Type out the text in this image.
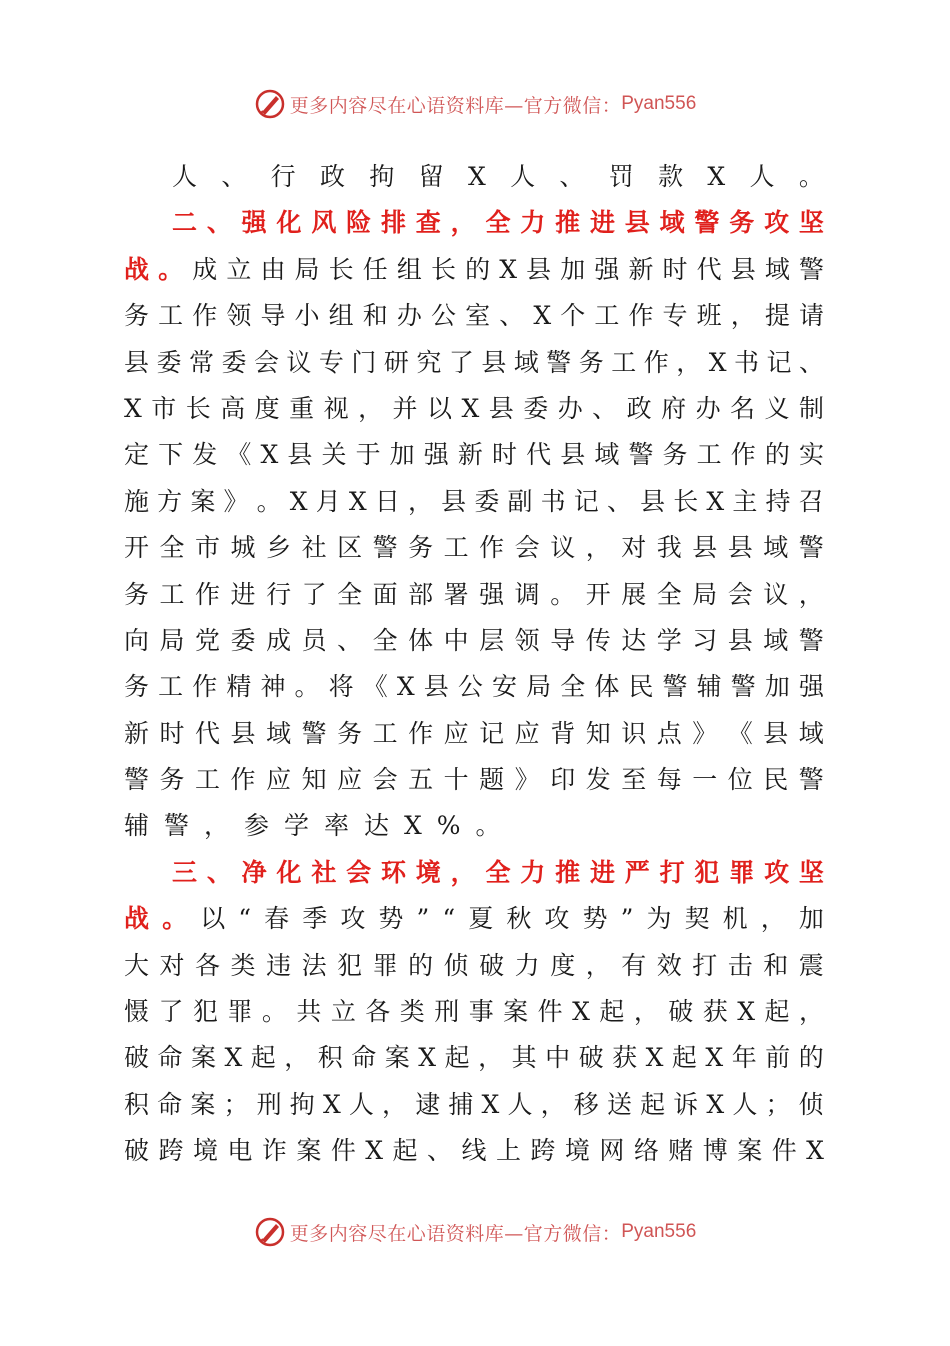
更多内容尽在心语资料库—官方微信： Pyan556
人 、 行 政 拘 留 X 人 、 罚 款 X 人 。
二 、 强 化 风 险 排 查 ， 全 力 推 进 县 域 警 务 攻 坚
战 。 成 立 由 局 长 任 组 长 的 X 县 加 强 新 时 代 县 域 警
务 工 作 领 导 小 组 和 办 公 室 、 X 个 工 作 专 班 ， 提 请
县 委 常 委 会 议 专 门 研 究 了 县 域 警 务 工 作 ， X 书 记 、
X 市 长 高 度 重 视 ， 并 以 X 县 委 办 、 政 府 办 名 义 制
定 下 发 《 X 县 关 于 加 强 新 时 代 县 域 警 务 工 作 的 实
施 方 案 》 。 X 月 X 日 ， 县 委 副 书 记 、 县 长 X 主 持 召
开 全 市 城 乡 社 区 警 务 工 作 会 议 ， 对 我 县 县 域 警
务 工 作 进 行 了 全 面 部 署 强 调 。 开 展 全 局 会 议 ，
向 局 党 委 成 员 、 全 体 中 层 领 导 传 达 学 习 县 域 警
务 工 作 精 神 。 将 《 X 县 公 安 局 全 体 民 警 辅 警 加 强
新 时 代 县 域 警 务 工 作 应 记 应 背 知 识 点 》 《 县 域
警 务 工 作 应 知 应 会 五 十 题 》 印 发 至 每 一 位 民 警
辅警，参学率达X%。
三 、 净 化 社 会 环 境 ， 全 力 推 进 严 打 犯 罪 攻 坚
战 。 以 “ 春 季 攻 势 ” “ 夏 秋 攻 势 ” 为 契 机 ， 加
大 对 各 类 违 法 犯 罪 的 侦 破 力 度 ， 有 效 打 击 和 震
慑 了 犯 罪 。 共 立 各 类 刑 事 案 件 X 起 ， 破 获 X 起 ，
破 命 案 X 起 ， 积 命 案 X 起 ， 其 中 破 获 X 起 X 年 前 的
积 命 案 ； 刑 拘 X 人 ， 逮 捕 X 人 ， 移 送 起 诉 X 人 ； 侦
破 跨 境 电 诈 案 件 X 起 、 线 上 跨 境 网 络 赌 博 案 件 X
更多内容尽在心语资料库—官方微信： Pyan556
